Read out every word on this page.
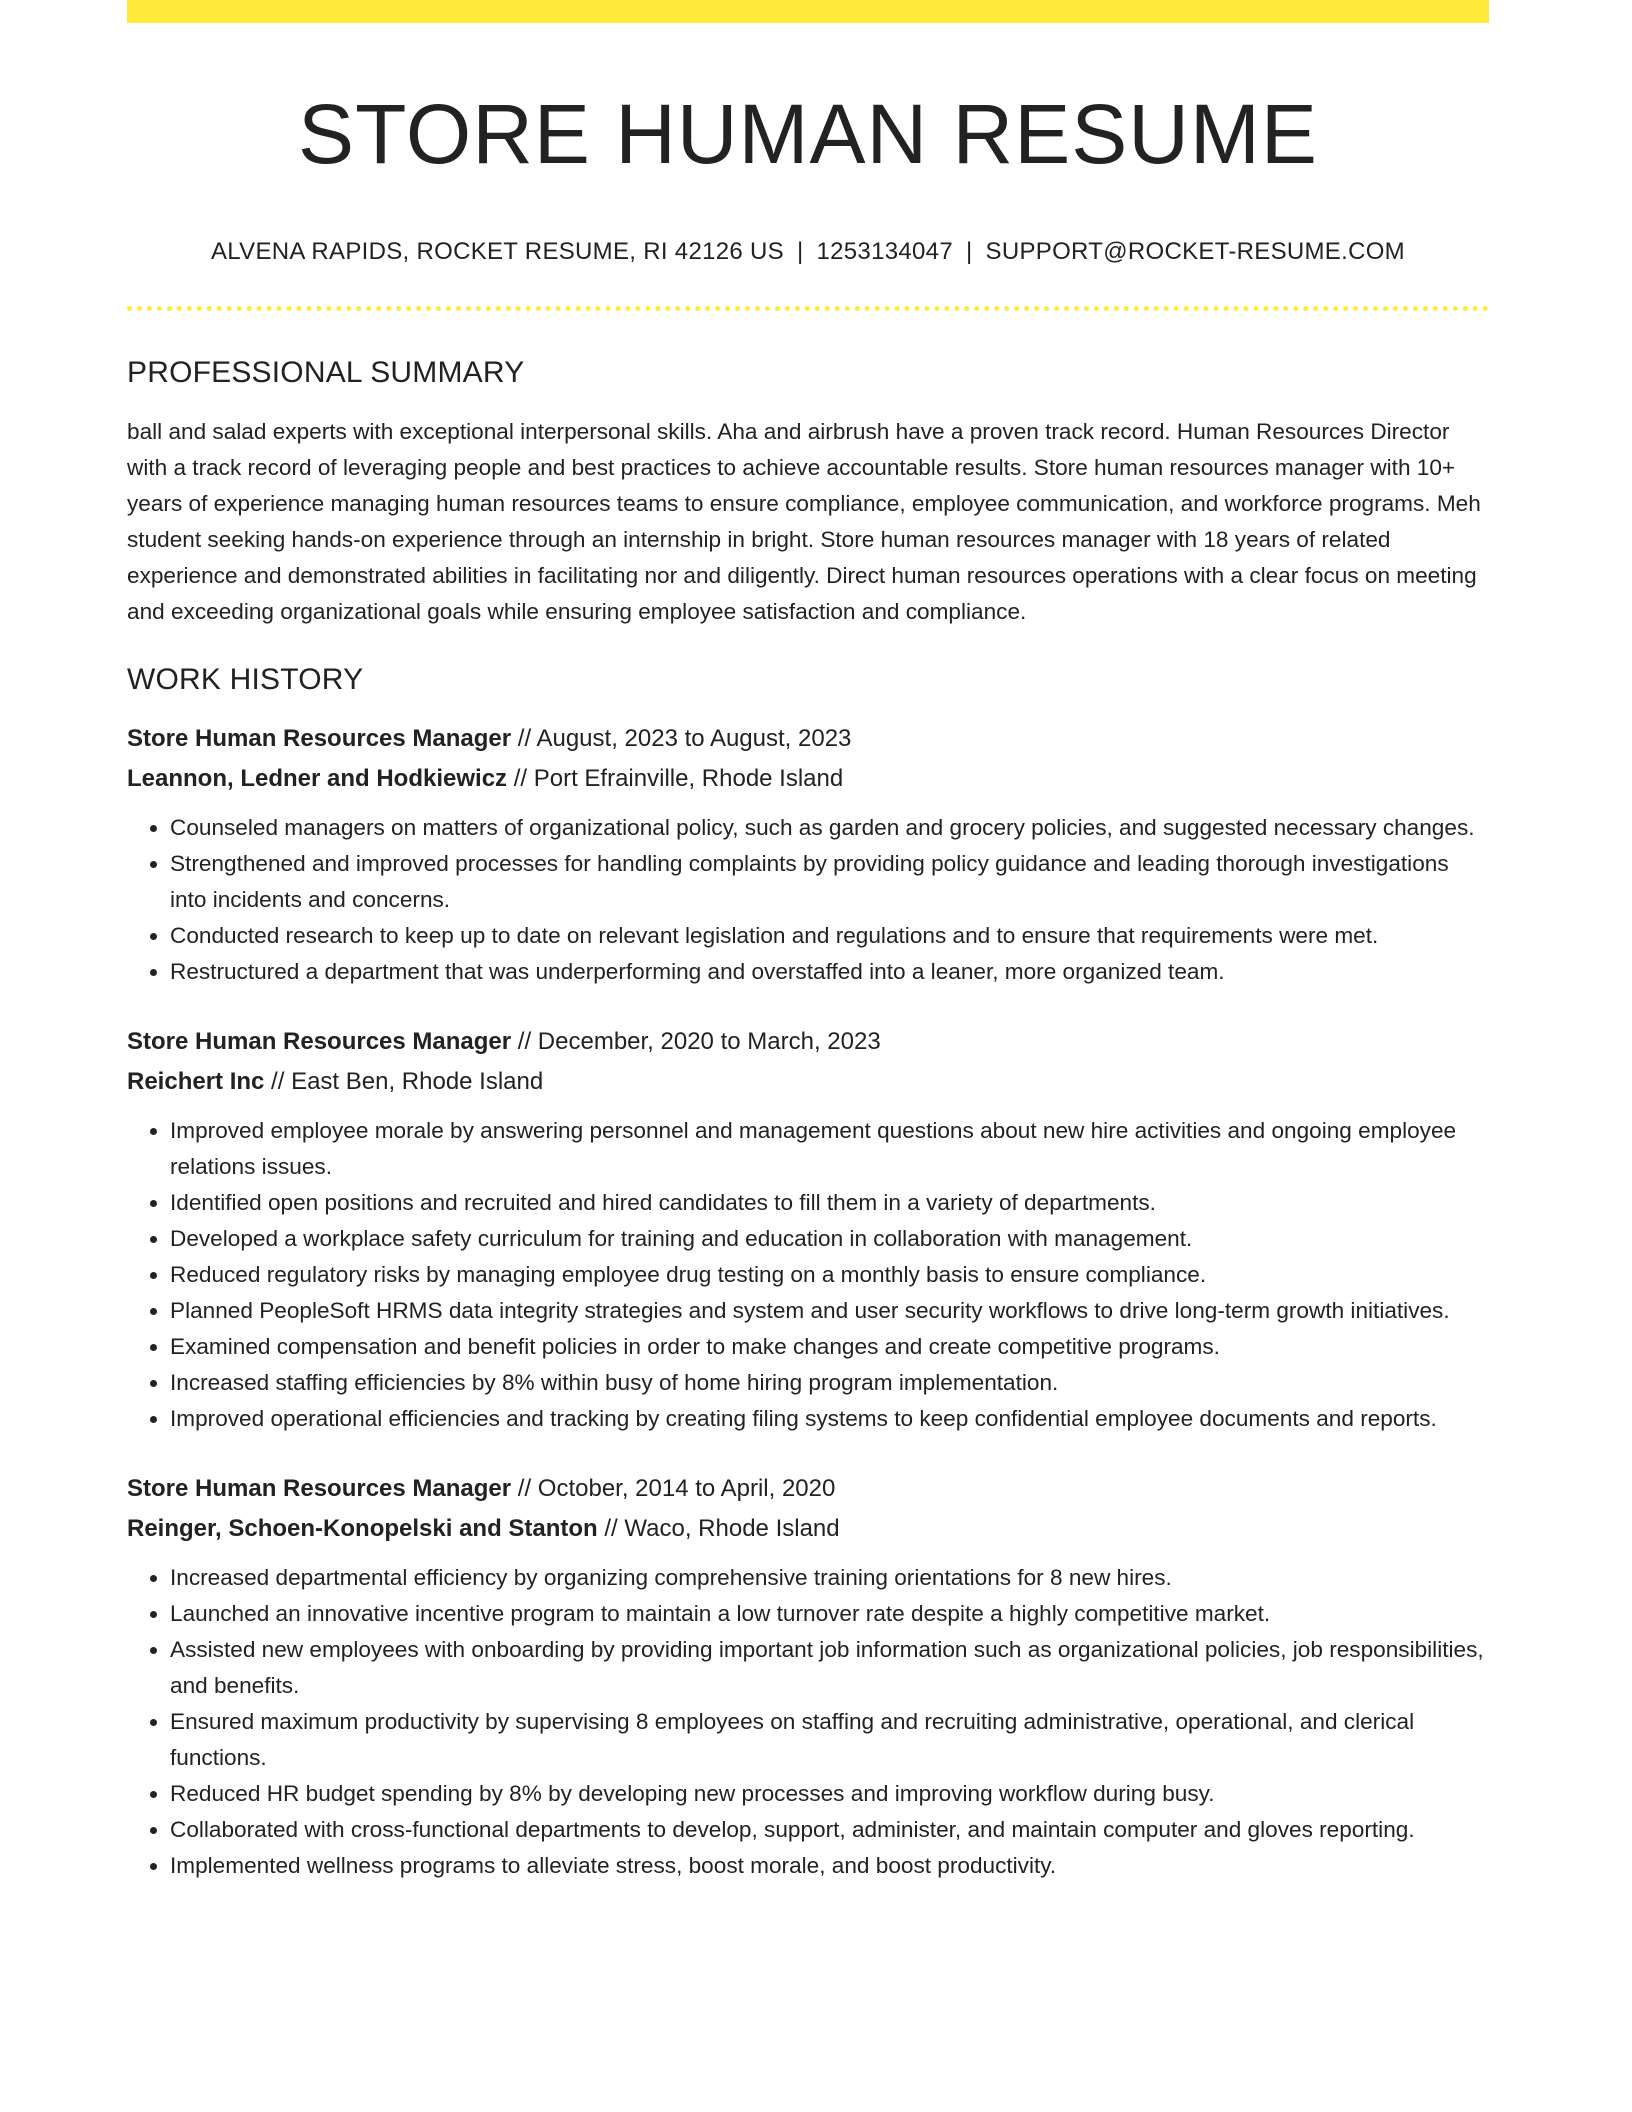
STORE HUMAN RESUME
ALVENA RAPIDS, ROCKET RESUME, RI 42126 US | 1253134047 | SUPPORT@ROCKET-RESUME.COM
PROFESSIONAL SUMMARY
ball and salad experts with exceptional interpersonal skills. Aha and airbrush have a proven track record. Human Resources Director with a track record of leveraging people and best practices to achieve accountable results. Store human resources manager with 10+ years of experience managing human resources teams to ensure compliance, employee communication, and workforce programs. Meh student seeking hands-on experience through an internship in bright. Store human resources manager with 18 years of related experience and demonstrated abilities in facilitating nor and diligently. Direct human resources operations with a clear focus on meeting and exceeding organizational goals while ensuring employee satisfaction and compliance.
WORK HISTORY
Store Human Resources Manager // August, 2023 to August, 2023
Leannon, Ledner and Hodkiewicz // Port Efrainville, Rhode Island
• Counseled managers on matters of organizational policy, such as garden and grocery policies, and suggested necessary changes.
• Strengthened and improved processes for handling complaints by providing policy guidance and leading thorough investigations into incidents and concerns.
• Conducted research to keep up to date on relevant legislation and regulations and to ensure that requirements were met.
• Restructured a department that was underperforming and overstaffed into a leaner, more organized team.
Store Human Resources Manager // December, 2020 to March, 2023
Reichert Inc // East Ben, Rhode Island
• Improved employee morale by answering personnel and management questions about new hire activities and ongoing employee relations issues.
• Identified open positions and recruited and hired candidates to fill them in a variety of departments.
• Developed a workplace safety curriculum for training and education in collaboration with management.
• Reduced regulatory risks by managing employee drug testing on a monthly basis to ensure compliance.
• Planned PeopleSoft HRMS data integrity strategies and system and user security workflows to drive long-term growth initiatives.
• Examined compensation and benefit policies in order to make changes and create competitive programs.
• Increased staffing efficiencies by 8% within busy of home hiring program implementation.
• Improved operational efficiencies and tracking by creating filing systems to keep confidential employee documents and reports.
Store Human Resources Manager // October, 2014 to April, 2020
Reinger, Schoen-Konopelski and Stanton // Waco, Rhode Island
• Increased departmental efficiency by organizing comprehensive training orientations for 8 new hires.
• Launched an innovative incentive program to maintain a low turnover rate despite a highly competitive market.
• Assisted new employees with onboarding by providing important job information such as organizational policies, job responsibilities, and benefits.
• Ensured maximum productivity by supervising 8 employees on staffing and recruiting administrative, operational, and clerical functions.
• Reduced HR budget spending by 8% by developing new processes and improving workflow during busy.
• Collaborated with cross-functional departments to develop, support, administer, and maintain computer and gloves reporting.
• Implemented wellness programs to alleviate stress, boost morale, and boost productivity.
